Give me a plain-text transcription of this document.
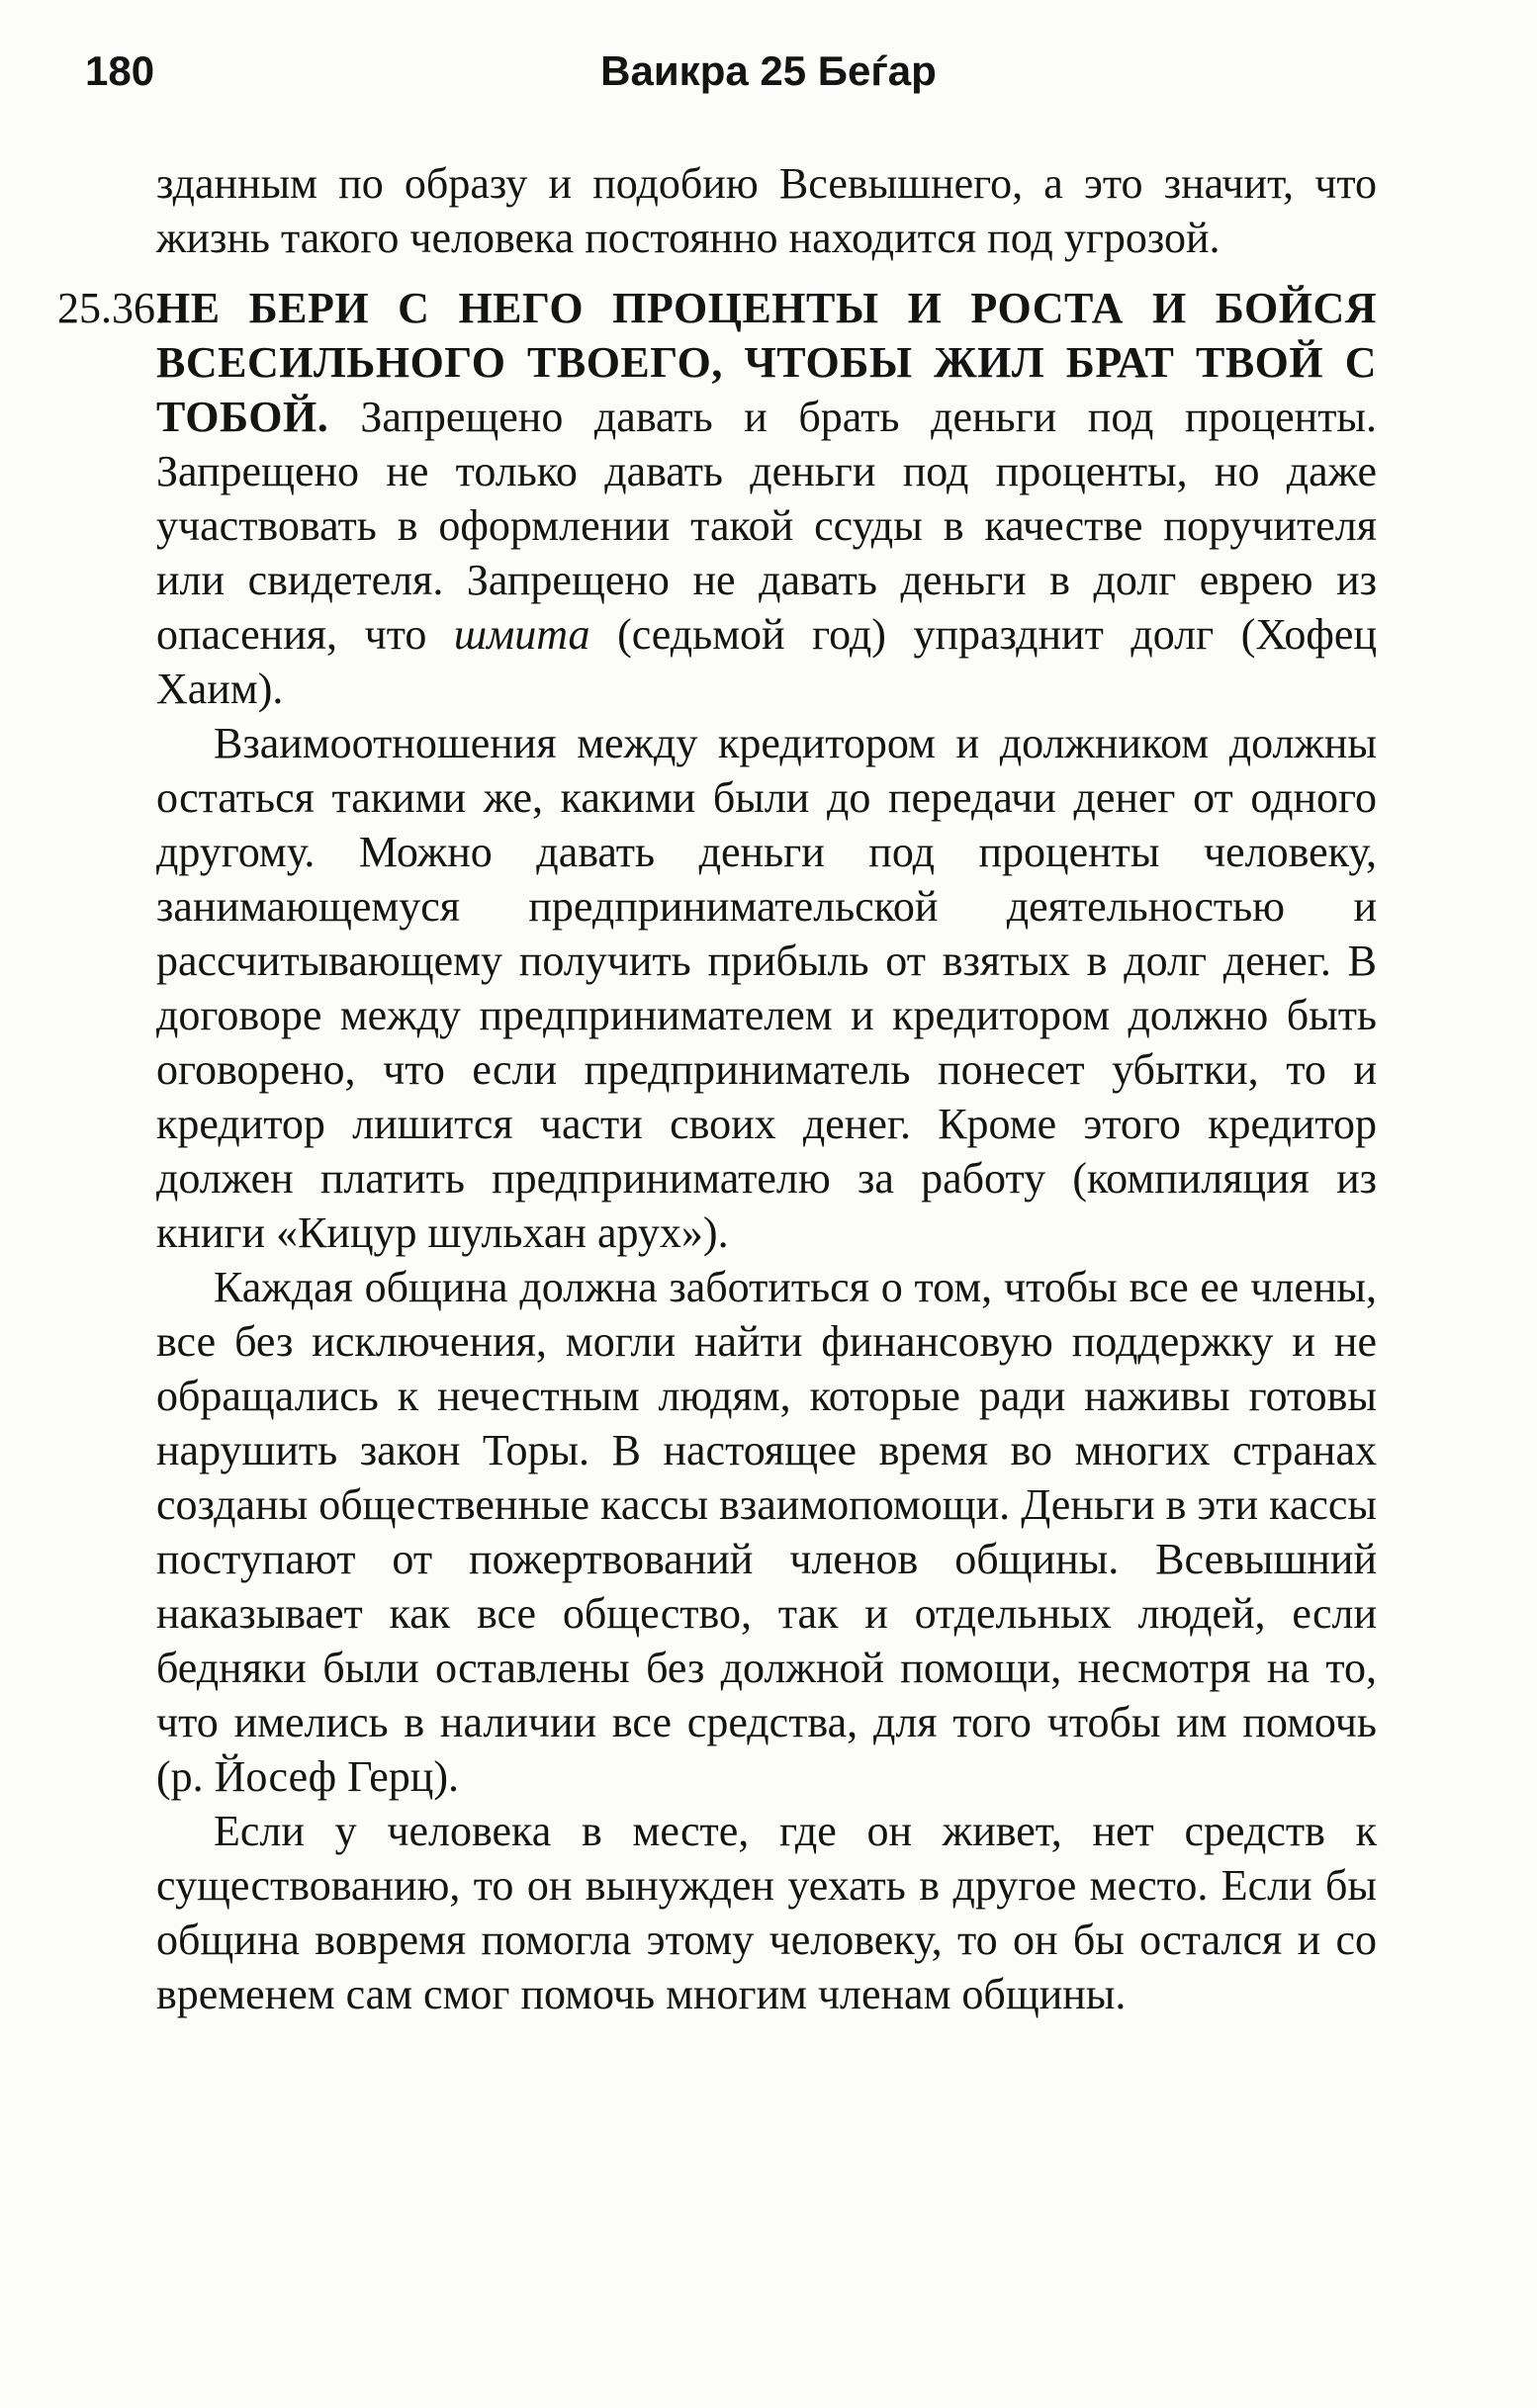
180	Ваикра 25 Беѓар

зданным по образу и подобию Всевышнего, а это значит, что жизнь такого человека постоянно находится под угрозой.

25.36.
НЕ БЕРИ С НЕГО ПРОЦЕНТЫ И РОСТА И БОЙСЯ ВСЕСИЛЬНОГО ТВОЕГО, ЧТОБЫ ЖИЛ БРАТ ТВОЙ С ТОБОЙ. Запрещено давать и брать деньги под проценты. Запрещено не только давать деньги под проценты, но даже участвовать в оформлении такой ссуды в качестве поручителя или свидетеля. Запрещено не давать деньги в долг еврею из опасения, что шмита (седьмой год) упразднит долг (Хофец Хаим).

Взаимоотношения между кредитором и должником должны остаться такими же, какими были до передачи денег от одного другому. Можно давать деньги под проценты человеку, занимающемуся предпринимательской деятельностью и рассчитывающему получить прибыль от взятых в долг денег. В договоре между предпринимателем и кредитором должно быть оговорено, что если предприниматель понесет убытки, то и кредитор лишится части своих денег. Кроме этого кредитор должен платить предпринимателю за работу (компиляция из книги «Кицур шульхан арух»).

Каждая община должна заботиться о том, чтобы все ее члены, все без исключения, могли найти финансовую поддержку и не обращались к нечестным людям, которые ради наживы готовы нарушить закон Торы. В настоящее время во многих странах созданы общественные кассы взаимопомощи. Деньги в эти кассы поступают от пожертвований членов общины. Всевышний наказывает как все общество, так и отдельных людей, если бедняки были оставлены без должной помощи, несмотря на то, что имелись в наличии все средства, для того чтобы им помочь (р. Йосеф Герц).

Если у человека в месте, где он живет, нет средств к существованию, то он вынужден уехать в другое место. Если бы община вовремя помогла этому человеку, то он бы остался и со временем сам смог помочь многим членам общины.
